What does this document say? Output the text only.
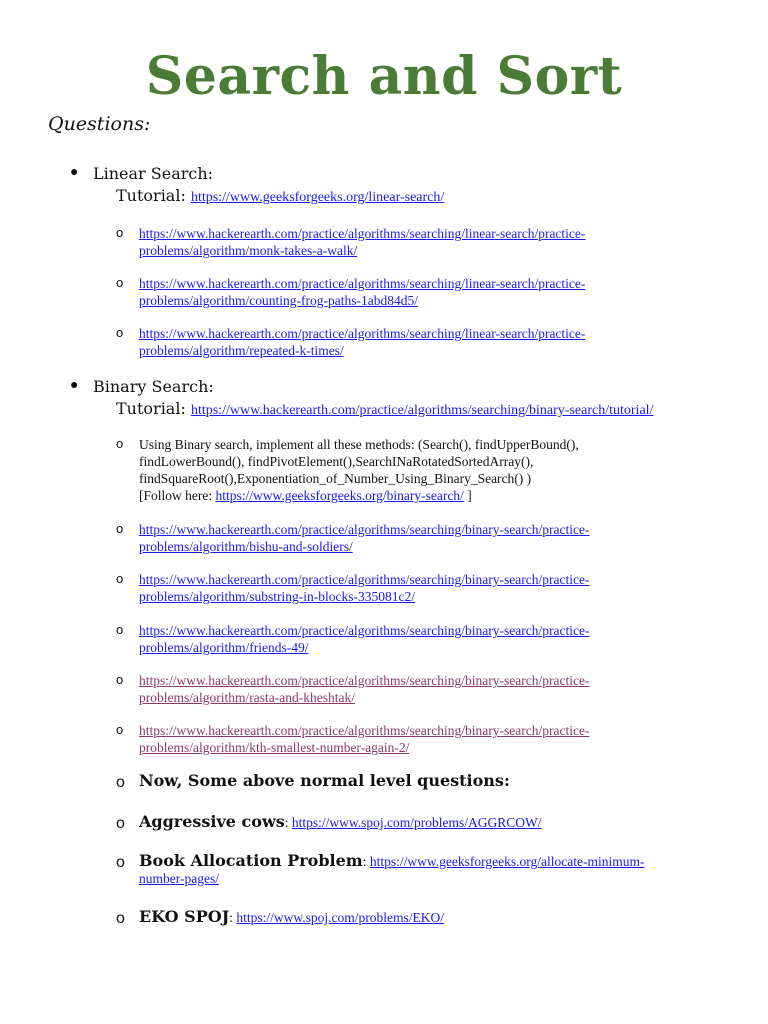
Search and Sort
Questions:
● Linear Search:
Tutorial: https://www.geeksforgeeks.org/linear-search/
o https://www.hackerearth.com/practice/algorithms/searching/linear-search/practice-
problems/algorithm/monk-takes-a-walk/
o https://www.hackerearth.com/practice/algorithms/searching/linear-search/practice-
problems/algorithm/counting-frog-paths-1abd84d5/
o https://www.hackerearth.com/practice/algorithms/searching/linear-search/practice-
problems/algorithm/repeated-k-times/
● Binary Search:
Tutorial: https://www.hackerearth.com/practice/algorithms/searching/binary-search/tutorial/
o Using Binary search, implement all these methods: (Search(), findUpperBound(),
findLowerBound(), findPivotElement(),SearchINaRotatedSortedArray(),
findSquareRoot(),Exponentiation_of_Number_Using_Binary_Search() )
[Follow here: https://www.geeksforgeeks.org/binary-search/ ]
o https://www.hackerearth.com/practice/algorithms/searching/binary-search/practice-
problems/algorithm/bishu-and-soldiers/
o https://www.hackerearth.com/practice/algorithms/searching/binary-search/practice-
problems/algorithm/substring-in-blocks-335081c2/
o https://www.hackerearth.com/practice/algorithms/searching/binary-search/practice-
problems/algorithm/friends-49/
o https://www.hackerearth.com/practice/algorithms/searching/binary-search/practice-
problems/algorithm/rasta-and-kheshtak/
o https://www.hackerearth.com/practice/algorithms/searching/binary-search/practice-
problems/algorithm/kth-smallest-number-again-2/
o Now, Some above normal level questions:
o Aggressive cows: https://www.spoj.com/problems/AGGRCOW/
o Book Allocation Problem: https://www.geeksforgeeks.org/allocate-minimum-
number-pages/
o EKO SPOJ: https://www.spoj.com/problems/EKO/
